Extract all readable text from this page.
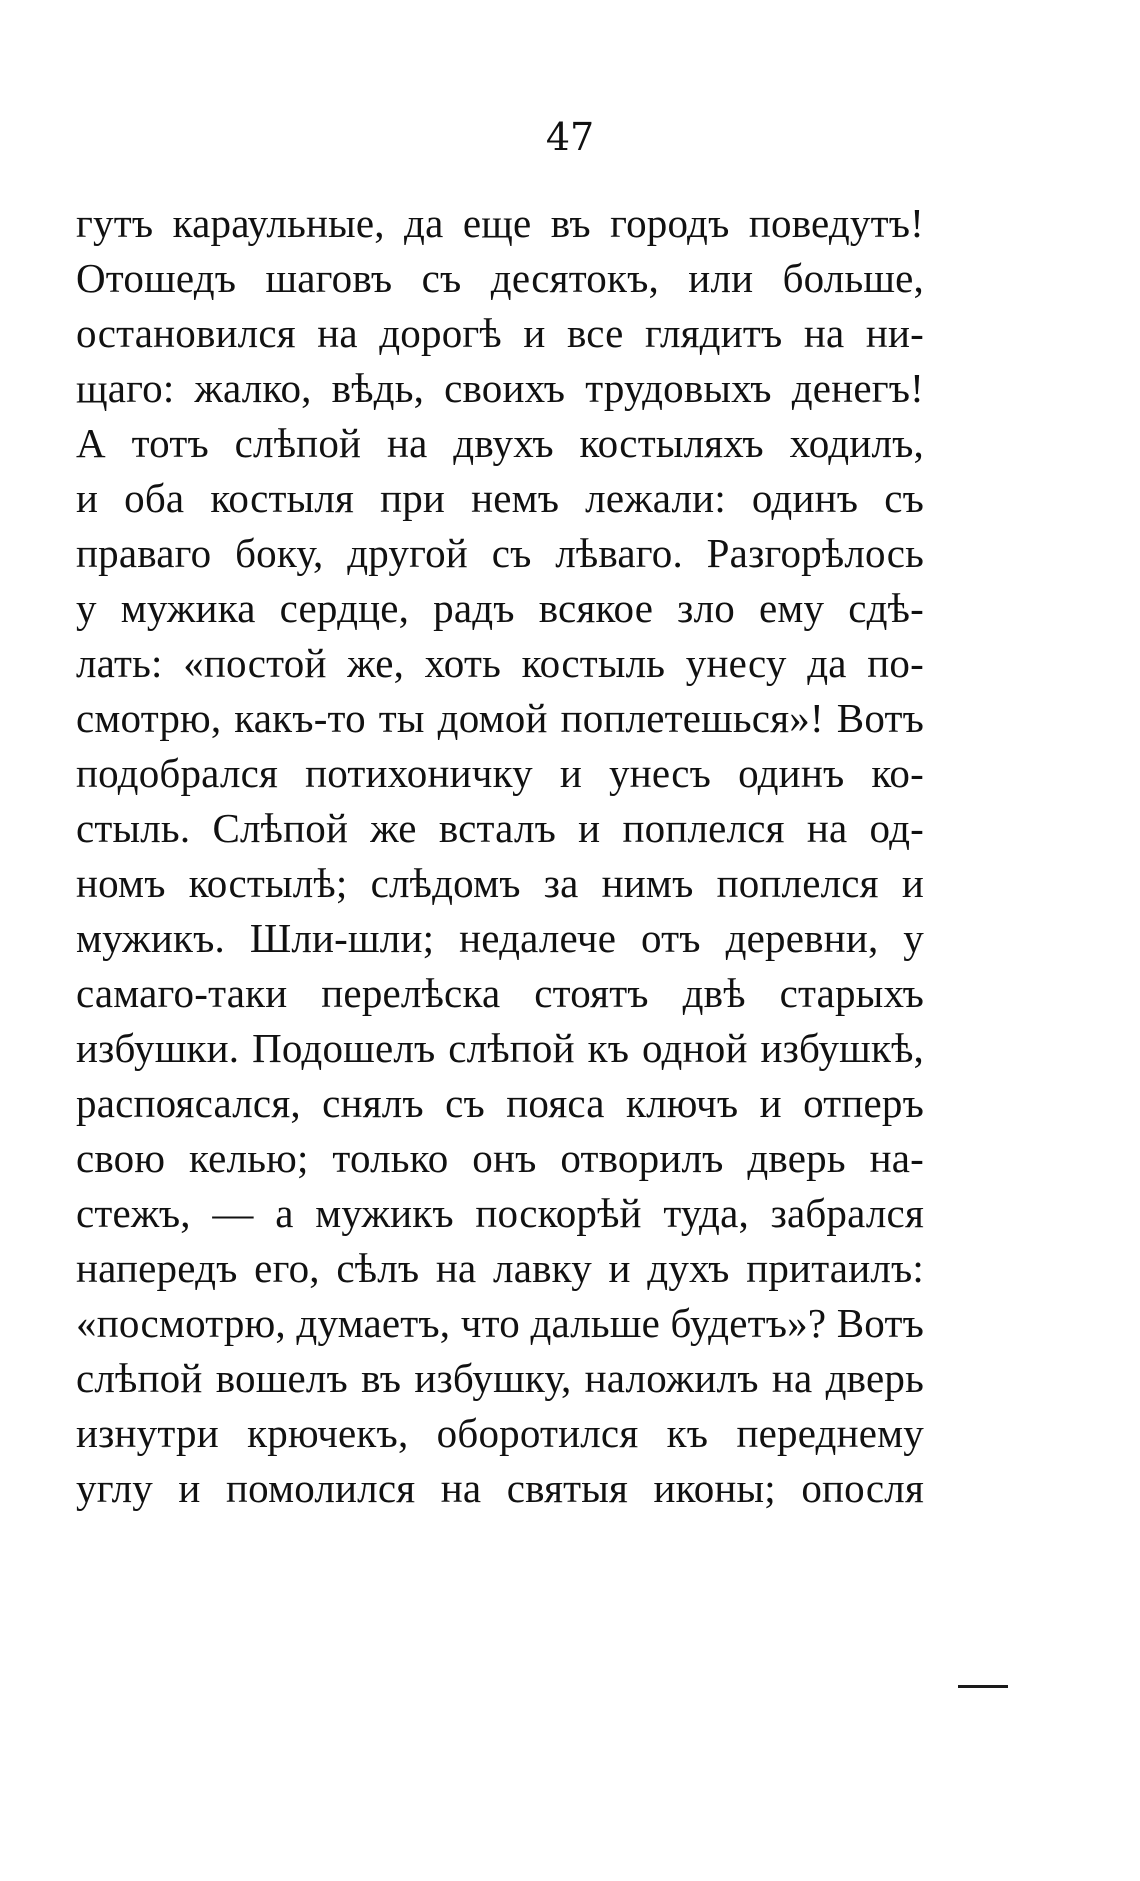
47
гутъ караульные, да еще въ городъ поведутъ!
Отошедъ шаговъ съ десятокъ, или больше,
остановился на дорогѣ и все глядитъ на ни-
щаго: жалко, вѣдь, своихъ трудовыхъ денегъ!
А тотъ слѣпой на двухъ костыляхъ ходилъ,
и оба костыля при немъ лежали: одинъ съ
праваго боку, другой съ лѣваго. Разгорѣлось
у мужика сердце, радъ всякое зло ему сдѣ-
лать: «постой же, хоть костыль унесу да по-
смотрю, какъ-то ты домой поплетешься»! Вотъ
подобрался потихоничку и унесъ одинъ ко-
стыль. Слѣпой же всталъ и поплелся на од-
номъ костылѣ; слѣдомъ за нимъ поплелся и
мужикъ. Шли-шли; недалече отъ деревни, у
самаго-таки перелѣска стоятъ двѣ старыхъ
избушки. Подошелъ слѣпой къ одной избушкѣ,
распоясался, снялъ съ пояса ключъ и отперъ
свою келью; только онъ отворилъ дверь на-
стежъ, — а мужикъ поскорѣй туда, забрался
напередъ его, сѣлъ на лавку и духъ притаилъ:
«посмотрю, думаетъ, что дальше будетъ»? Вотъ
слѣпой вошелъ въ избушку, наложилъ на дверь
изнутри крючекъ, оборотился къ переднему
углу и помолился на святыя иконы; опосля
